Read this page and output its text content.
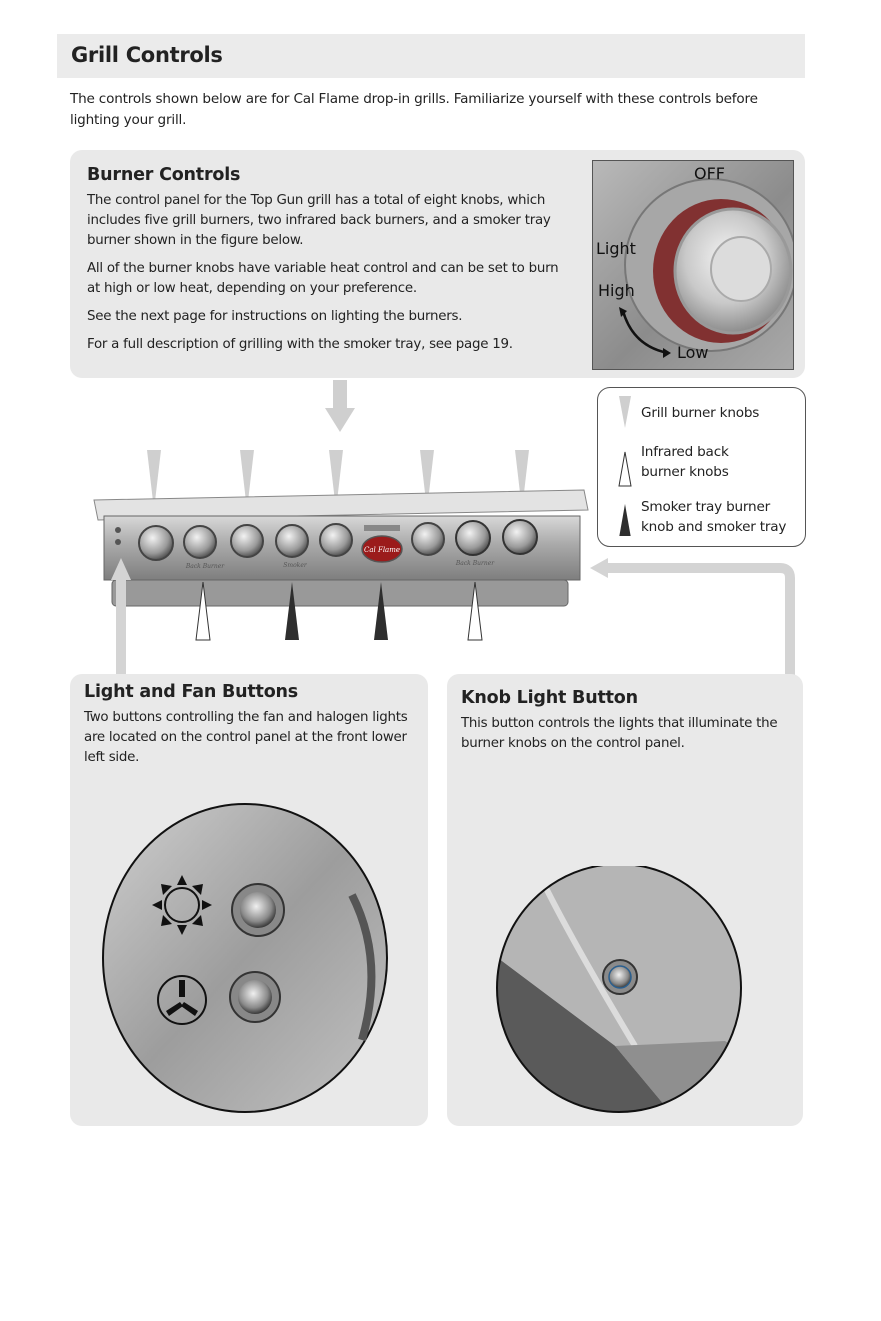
Grill Controls
The controls shown below are for Cal Flame drop-in grills. Familiarize yourself with these controls before lighting your grill.
Burner Controls

The control panel for the Top Gun grill has a total of eight knobs, which includes five grill burners, two infrared back burners, and a smoker tray burner shown in the figure below.

All of the burner knobs have variable heat control and can be set to burn at high or low heat, depending on your preference.

See the next page for instructions on lighting the burners.

For a full description of grilling with the smoker tray, see page 19.

OFF
Light
High
Low
Grill burner knobs
Infrared back
burner knobs
Smoker tray burner
knob and smoker tray
Cal Flame
Back Burner	Smoker	Back Burner
Light and Fan Buttons

Two buttons controlling the fan and halogen lights are located on the control panel at the front lower left side.

Knob Light Button

This button controls the lights that illuminate the burner knobs on the control panel.
